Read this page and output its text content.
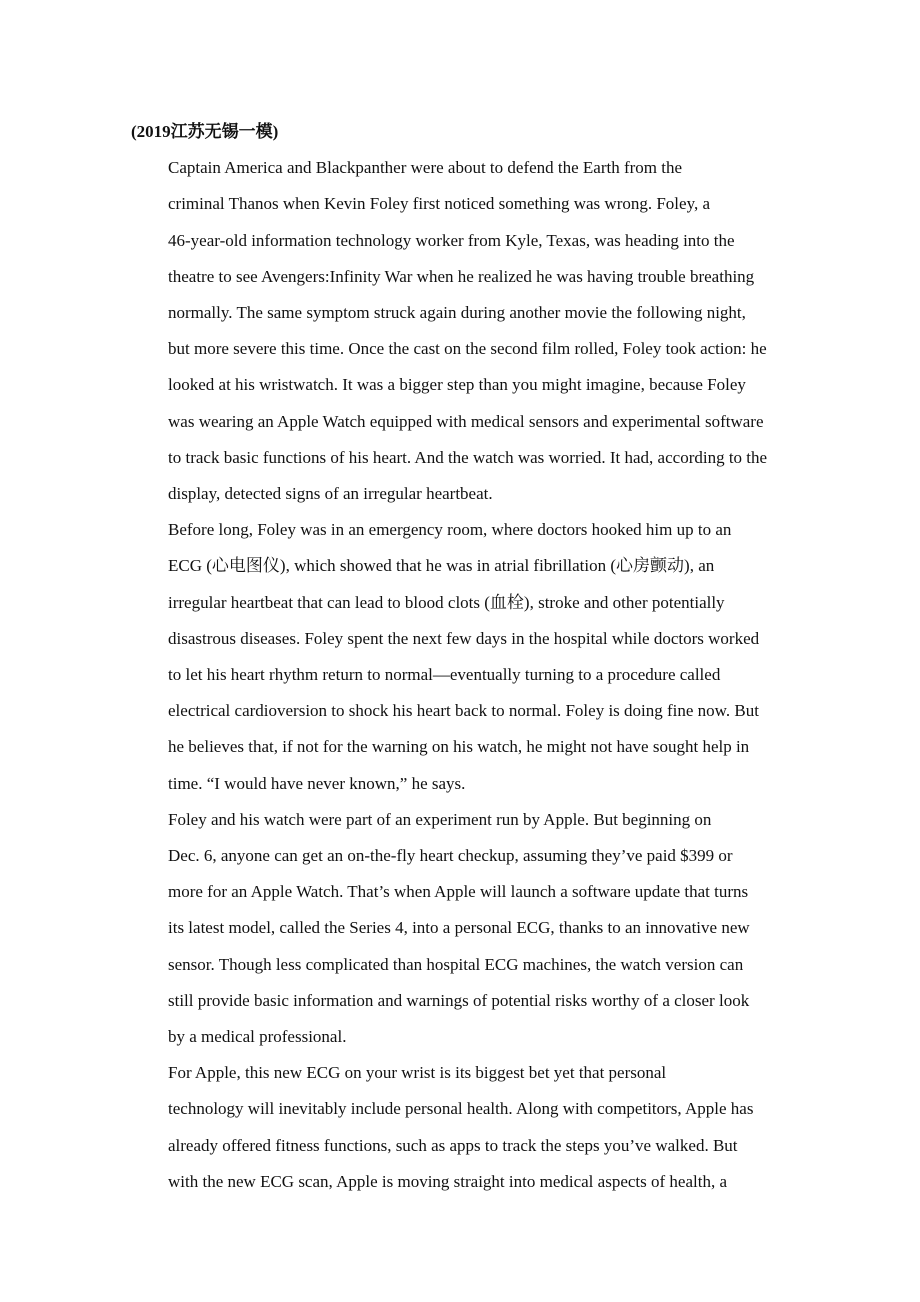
(2019江苏无锡一模)

Captain America and Blackpanther were about to defend the Earth from the
criminal Thanos when Kevin Foley first noticed something was wrong. Foley, a
46-year-old information technology worker from Kyle, Texas, was heading into the
theatre to see Avengers:Infinity War when he realized he was having trouble breathing
normally. The same symptom struck again during another movie the following night,
but more severe this time. Once the cast on the second film rolled, Foley took action: he
looked at his wristwatch. It was a bigger step than you might imagine, because Foley
was wearing an Apple Watch equipped with medical sensors and experimental software
to track basic functions of his heart. And the watch was worried. It had, according to the
display, detected signs of an irregular heartbeat.

Before long, Foley was in an emergency room, where doctors hooked him up to an
ECG (心电图仪), which showed that he was in atrial fibrillation (心房颤动), an
irregular heartbeat that can lead to blood clots (血栓), stroke and other potentially
disastrous diseases. Foley spent the next few days in the hospital while doctors worked
to let his heart rhythm return to normal—eventually turning to a procedure called
electrical cardioversion to shock his heart back to normal. Foley is doing fine now. But
he believes that, if not for the warning on his watch, he might not have sought help in
time. “I would have never known,” he says.

Foley and his watch were part of an experiment run by Apple. But beginning on
Dec. 6, anyone can get an on-the-fly heart checkup, assuming they’ve paid $399 or
more for an Apple Watch. That’s when Apple will launch a software update that turns
its latest model, called the Series 4, into a personal ECG, thanks to an innovative new
sensor. Though less complicated than hospital ECG machines, the watch version can
still provide basic information and warnings of potential risks worthy of a closer look
by a medical professional.

For Apple, this new ECG on your wrist is its biggest bet yet that personal
technology will inevitably include personal health. Along with competitors, Apple has
already offered fitness functions, such as apps to track the steps you’ve walked. But
with the new ECG scan, Apple is moving straight into medical aspects of health, a
